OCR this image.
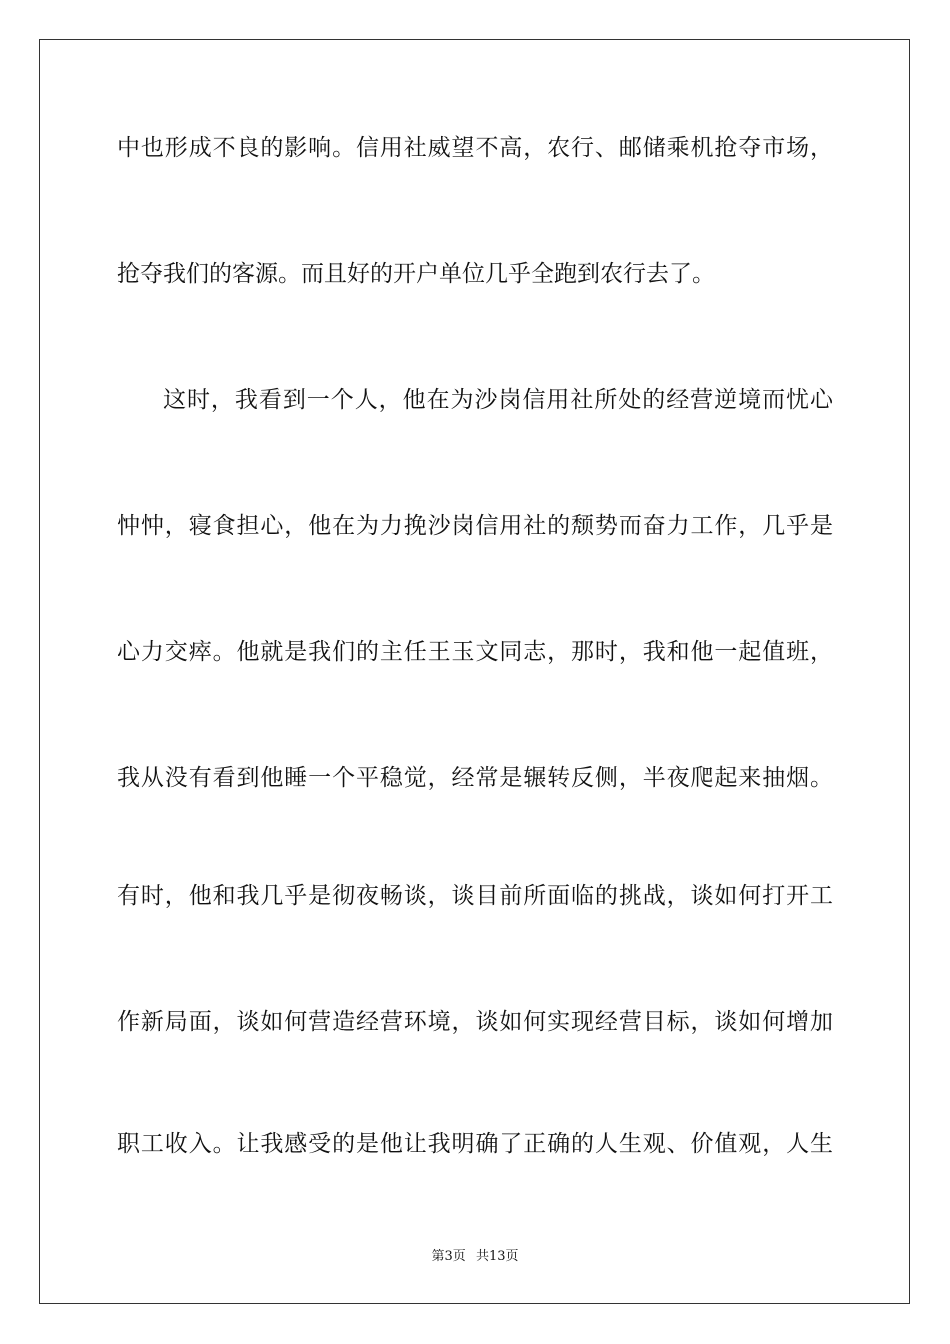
中也形成不良的影响。信用社威望不高，农行、邮储乘机抢夺市场，
抢夺我们的客源。而且好的开户单位几乎全跑到农行去了。
这时，我看到一个人，他在为沙岗信用社所处的经营逆境而忧心
忡忡，寝食担心，他在为力挽沙岗信用社的颓势而奋力工作，几乎是
心力交瘁。他就是我们的主任王玉文同志，那时，我和他一起值班，
我从没有看到他睡一个平稳觉，经常是辗转反侧，半夜爬起来抽烟。
有时，他和我几乎是彻夜畅谈，谈目前所面临的挑战，谈如何打开工
作新局面，谈如何营造经营环境，谈如何实现经营目标，谈如何增加
职工收入。让我感受的是他让我明确了正确的人生观、价值观，人生
第3页 共13页
